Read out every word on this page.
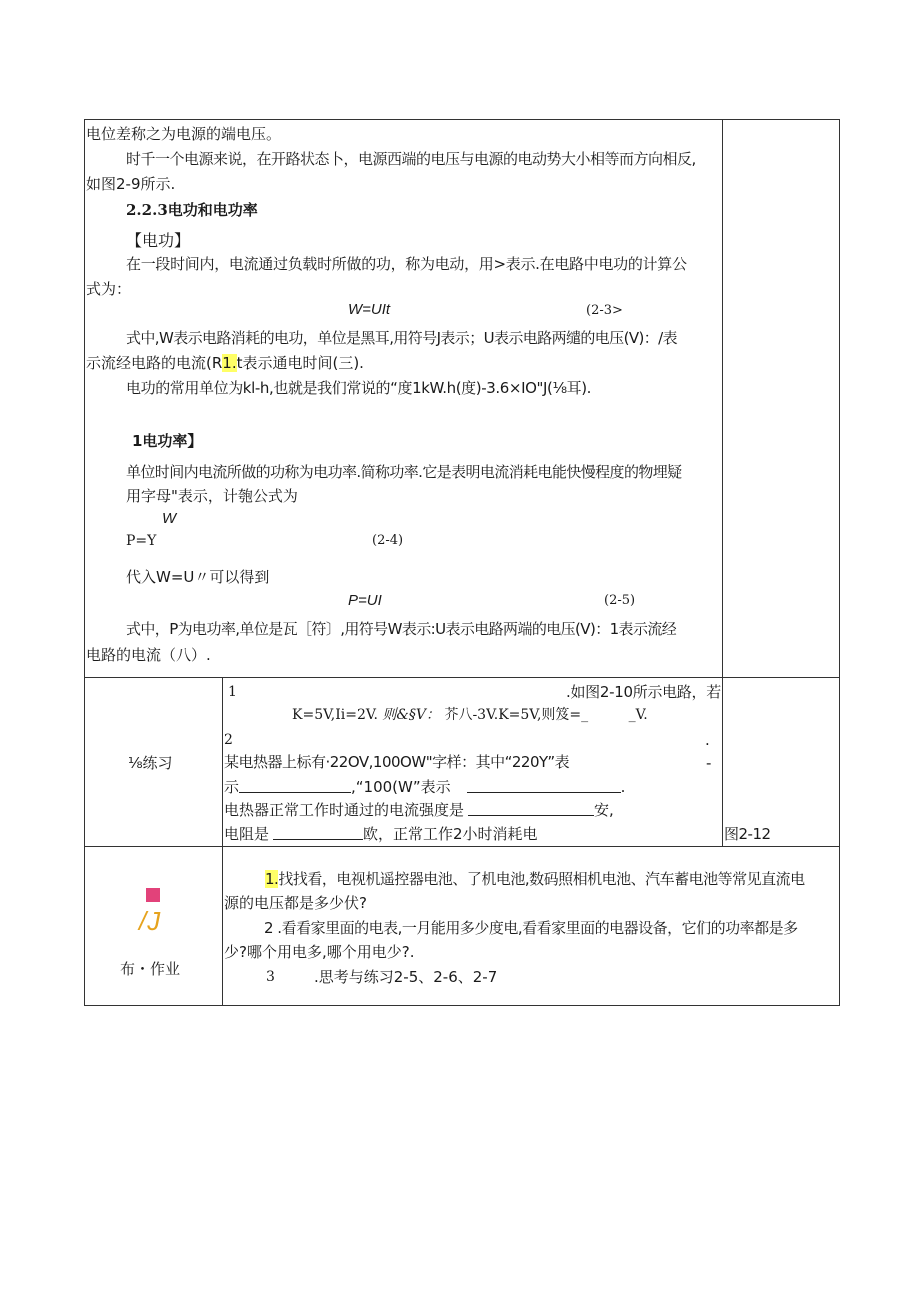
电位差称之为电源的端电压。
时千一个电源来说，在开路状态卜，电源西端的电压与电源的电动势大小相等而方向相反,
如图2-9所示.
2.2.3电功和电功率
【电功】
在一段时间内，电流通过负载时所做的功，称为电动，用>表示.在电路中电功的计算公
式为：
W=UIt	(2-3>
式中,W表示电路消耗的电功，单位是黑耳,用符号J表示；U表示电路两缱的电压(V)：/表
示流经电路的电流(R1.t表示通电时间(三).
电功的常用单位为kl-h,也就是我们常说的“度1kW.h(度)-3.6×IO"J(⅛耳).
1电功率】
单位时间内电流所做的功称为电功率.简称功率.它是表明电流消耗电能快慢程度的物埋疑
用字母"表示，计匏公式为
W
P=Y	(2-4)
代入W=U〃可以得到
P=UI	(2-5)
式中，P为电功率,单位是瓦［符〕,用符号W表示:U表示电路两端的电压(V)：1表示流经
电路的电流（八）.
⅛练习
1	.如图2-10所示电路，若
K=5V,Ii=2V. 则&§V： 芥八-3V.K=5V,则笈=_	_V.
2	.
某电热器上标有·22OV,100OW"字样：其中“220Y”表	-
示	,“100(W”表示	.
电热器正常工作时通过的电流强度是	安,
电阻是	欧，正常工作2小时消耗电	图2-12
/J
布・作业
1.找找看，电视机遥控器电池、了机电池,数码照相机电池、汽车蓄电池等常见直流电
源的电压都是多少伏?
2 .看看家里面的电表,一月能用多少度电,看看家里面的电器设备，它们的功率都是多
少?哪个用电多,哪个用电少?.
3	.思考与练习2-5、2-6、2-7
